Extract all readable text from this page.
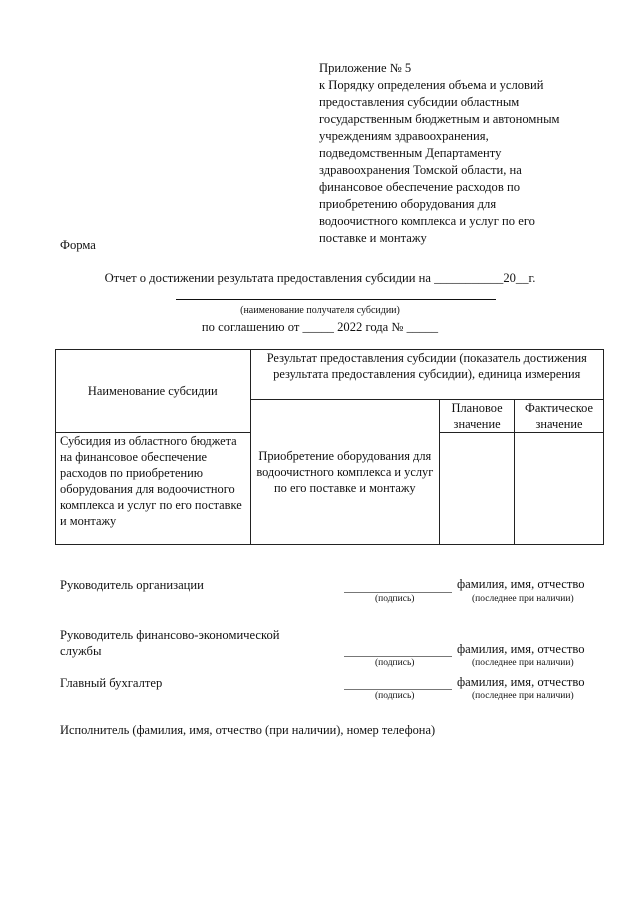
Приложение № 5
к Порядку определения объема и условий
предоставления субсидии областным
государственным бюджетным и автономным
учреждениям здравоохранения,
подведомственным Департаменту
здравоохранения Томской области, на
финансовое обеспечение расходов по
приобретению оборудования для
водоочистного комплекса и услуг по его
поставке и монтажу
Форма
Отчет о достижении результата предоставления субсидии на ___________20__г.
(наименование получателя субсидии)
по соглашению от _____ 2022 года № _____
Наименование субсидии	Результат предоставления субсидии (показатель достижения результата предоставления субсидии), единица измерения		
	Приобретение оборудования для водоочистного комплекса и услуг по его поставке и монтажу	Плановое значение	Фактическое значение
Субсидия из областного бюджета на финансовое обеспечение расходов по приобретению оборудования для водоочистного комплекса и услуг по его поставке и монтажу			
Руководитель организации	фамилия, имя, отчество
(подпись)	(последнее при наличии)
Руководитель финансово-экономической службы	фамилия, имя, отчество
(подпись)	(последнее при наличии)
Главный бухгалтер	фамилия, имя, отчество
(подпись)	(последнее при наличии)
Исполнитель (фамилия, имя, отчество (при наличии), номер телефона)
